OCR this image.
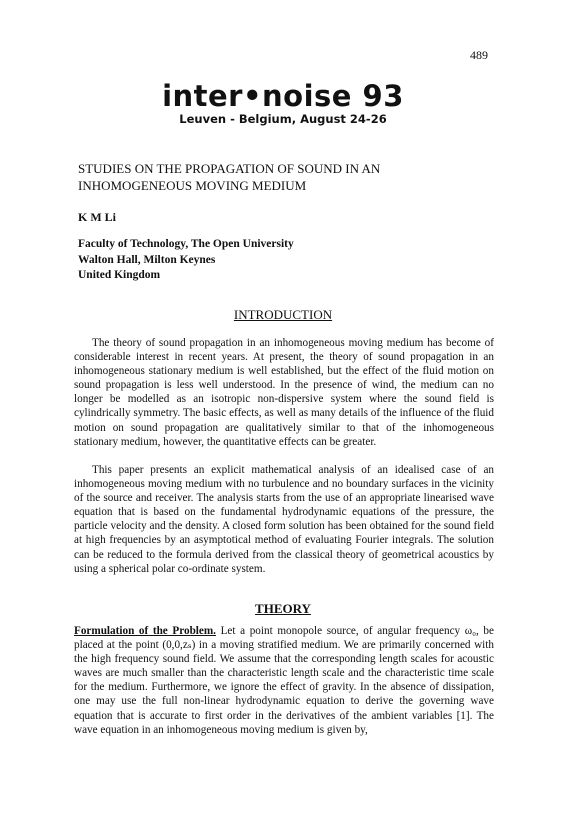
489
inter•noise 93
Leuven - Belgium, August 24-26
STUDIES ON THE PROPAGATION OF SOUND IN AN
INHOMOGENEOUS MOVING MEDIUM
K M Li
Faculty of Technology, The Open University
Walton Hall, Milton Keynes
United Kingdom
INTRODUCTION

The theory of sound propagation in an inhomogeneous moving medium has become of considerable interest in recent years. At present, the theory of sound propagation in an inhomogeneous stationary medium is well established, but the effect of the fluid motion on sound propagation is less well understood. In the presence of wind, the medium can no longer be modelled as an isotropic non-dispersive system where the sound field is cylindrically symmetry. The basic effects, as well as many details of the influence of the fluid motion on sound propagation are qualitatively similar to that of the inhomogeneous stationary medium, however, the quantitative effects can be greater.

This paper presents an explicit mathematical analysis of an idealised case of an inhomogeneous moving medium with no turbulence and no boundary surfaces in the vicinity of the source and receiver. The analysis starts from the use of an appropriate linearised wave equation that is based on the fundamental hydrodynamic equations of the pressure, the particle velocity and the density. A closed form solution has been obtained for the sound field at high frequencies by an asymptotical method of evaluating Fourier integrals. The solution can be reduced to the formula derived from the classical theory of geometrical acoustics by using a spherical polar co-ordinate system.

THEORY

Formulation of the Problem. Let a point monopole source, of angular frequency ω₀, be placed at the point (0,0,zₛ) in a moving stratified medium. We are primarily concerned with the high frequency sound field. We assume that the corresponding length scales for acoustic waves are much smaller than the characteristic length scale and the characteristic time scale for the medium. Furthermore, we ignore the effect of gravity. In the absence of dissipation, one may use the full non-linear hydrodynamic equation to derive the governing wave equation that is accurate to first order in the derivatives of the ambient variables [1]. The wave equation in an inhomogeneous moving medium is given by,
